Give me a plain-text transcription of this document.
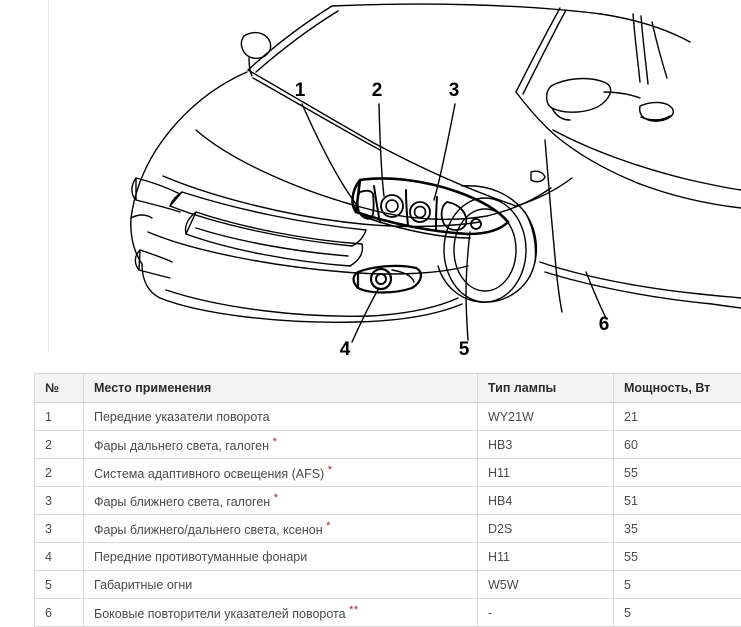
1	2	3
4	5
6
№	Место применения	Тип лампы	Мощность, Вт
1	Передние указатели поворота	WY21W	21
2	Фары дальнего света, галоген *	HB3	60
2	Система адаптивного освещения (AFS) *	H11	55
3	Фары ближнего света, галоген *	HB4	51
3	Фары ближнего/дальнего света, ксенон *	D2S	35
4	Передние противотуманные фонари	H11	55
5	Габаритные огни	W5W	5
6	Боковые повторители указателей поворота **	-	5
